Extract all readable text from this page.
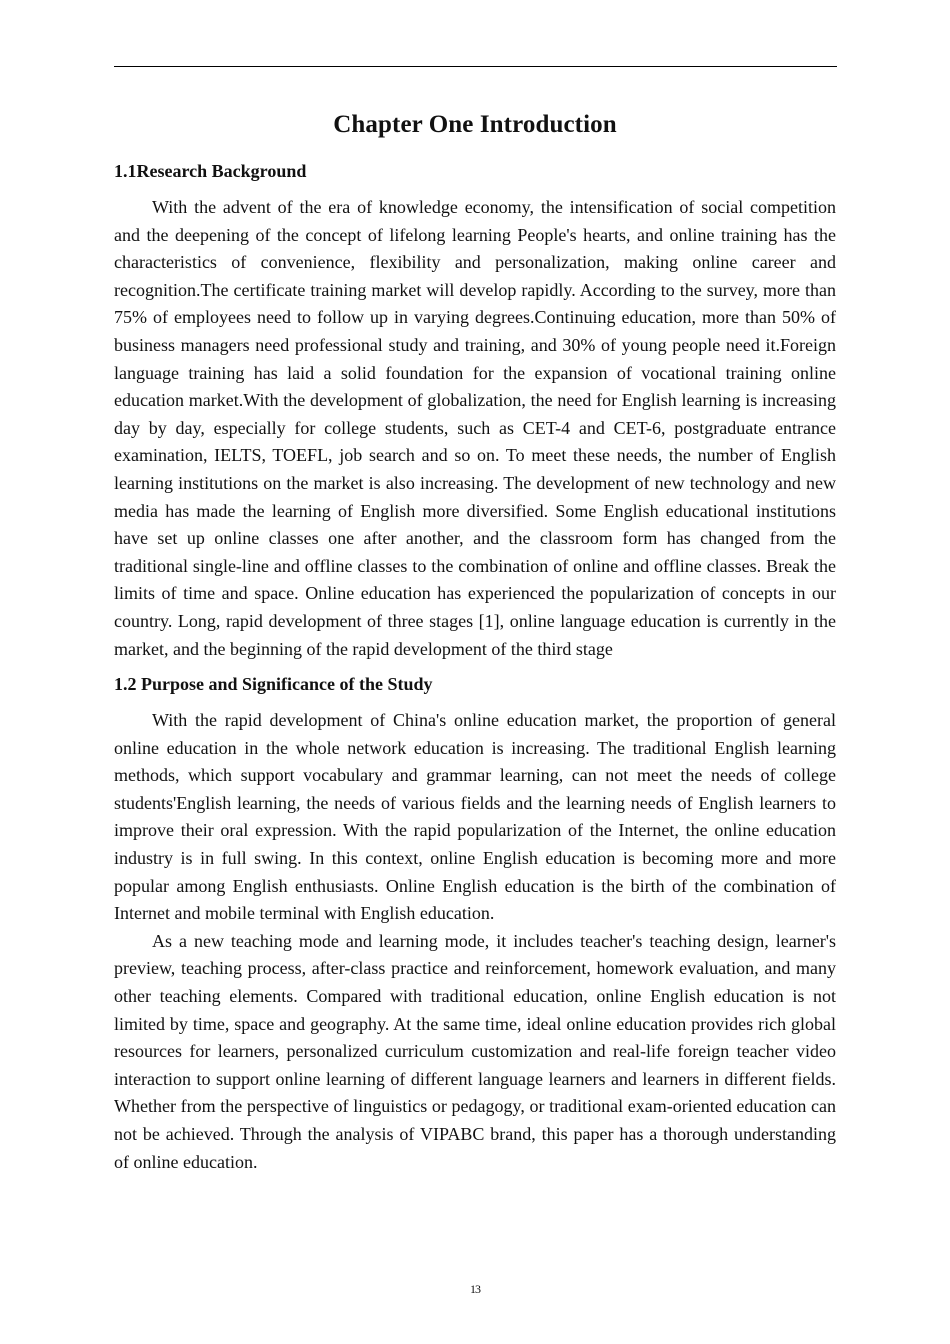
Chapter One Introduction
1.1Research Background

With the advent of the era of knowledge economy, the intensification of social competition and the deepening of the concept of lifelong learning People's hearts, and online training has the characteristics of convenience, flexibility and personalization, making online career and recognition.The certificate training market will develop rapidly. According to the survey, more than 75% of employees need to follow up in varying degrees.Continuing education, more than 50% of business managers need professional study and training, and 30% of young people need it.Foreign language training has laid a solid foundation for the expansion of vocational training online education market.With the development of globalization, the need for English learning is increasing day by day, especially for college students, such as CET-4 and CET-6, postgraduate entrance examination, IELTS, TOEFL, job search and so on. To meet these needs, the number of English learning institutions on the market is also increasing. The development of new technology and new media has made the learning of English more diversified. Some English educational institutions have set up online classes one after another, and the classroom form has changed from the traditional single-line and offline classes to the combination of online and offline classes. Break the limits of time and space. Online education has experienced the popularization of concepts in our country. Long, rapid development of three stages [1], online language education is currently in the market, and the beginning of the rapid development of the third stage

1.2 Purpose and Significance of the Study

With the rapid development of China's online education market, the proportion of general online education in the whole network education is increasing. The traditional English learning methods, which support vocabulary and grammar learning, can not meet the needs of college students'English learning, the needs of various fields and the learning needs of English learners to improve their oral expression. With the rapid popularization of the Internet, the online education industry is in full swing. In this context, online English education is becoming more and more popular among English enthusiasts. Online English education is the birth of the combination of Internet and mobile terminal with English education.

As a new teaching mode and learning mode, it includes teacher's teaching design, learner's preview, teaching process, after-class practice and reinforcement, homework evaluation, and many other teaching elements. Compared with traditional education, online English education is not limited by time, space and geography. At the same time, ideal online education provides rich global resources for learners, personalized curriculum customization and real-life foreign teacher video interaction to support online learning of different language learners and learners in different fields. Whether from the perspective of linguistics or pedagogy, or traditional exam-oriented education can not be achieved. Through the analysis of VIPABC brand, this paper has a thorough understanding of online education.

13
